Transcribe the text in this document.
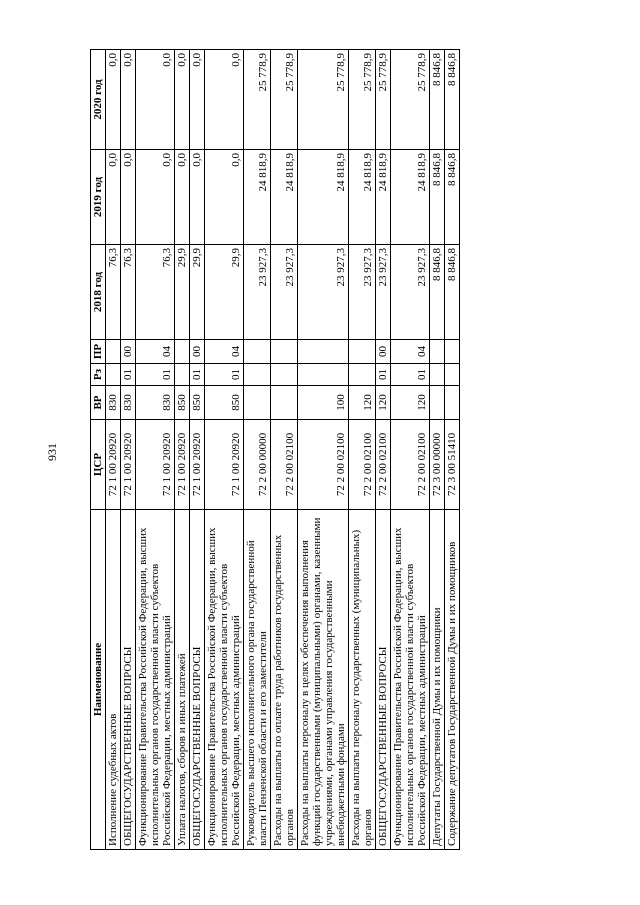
931
Наименование	ЦСР	ВР	Рз	ПР	2018 год	2019 год	2020 год
Исполнение судебных актов	72 1 00 20920	830			76,3	0,0	0,0
ОБЩЕГОСУДАРСТВЕННЫЕ ВОПРОСЫ	72 1 00 20920	830	01	00	76,3	0,0	0,0
Функционирование Правительства Российской Федерации, высших исполнительных органов государственной власти субъектов Российской Федерации, местных администраций	72 1 00 20920	830	01	04	76,3	0,0	0,0
Уплата налогов, сборов и иных платежей	72 1 00 20920	850			29,9	0,0	0,0
ОБЩЕГОСУДАРСТВЕННЫЕ ВОПРОСЫ	72 1 00 20920	850	01	00	29,9	0,0	0,0
Функционирование Правительства Российской Федерации, высших исполнительных органов государственной власти субъектов Российской Федерации, местных администраций	72 1 00 20920	850	01	04	29,9	0,0	0,0
Руководитель высшего исполнительного органа государственной власти Пензенской области и его заместители	72 2 00 00000				23 927,3	24 818,9	25 778,9
Расходы на выплаты по оплате труда работников государственных органов	72 2 00 02100				23 927,3	24 818,9	25 778,9
Расходы на выплаты персоналу в целях обеспечения выполнения функций государственными (муниципальными) органами, казенными учреждениями, органами управления государственными внебюджетными фондами	72 2 00 02100	100			23 927,3	24 818,9	25 778,9
Расходы на выплаты персоналу государственных (муниципальных) органов	72 2 00 02100	120			23 927,3	24 818,9	25 778,9
ОБЩЕГОСУДАРСТВЕННЫЕ ВОПРОСЫ	72 2 00 02100	120	01	00	23 927,3	24 818,9	25 778,9
Функционирование Правительства Российской Федерации, высших исполнительных органов государственной власти субъектов Российской Федерации, местных администраций	72 2 00 02100	120	01	04	23 927,3	24 818,9	25 778,9
Депутаты Государственной Думы и их помощники	72 3 00 00000				8 846,8	8 846,8	8 846,8
Содержание депутатов Государственной Думы и их помощников	72 3 00 51410				8 846,8	8 846,8	8 846,8
